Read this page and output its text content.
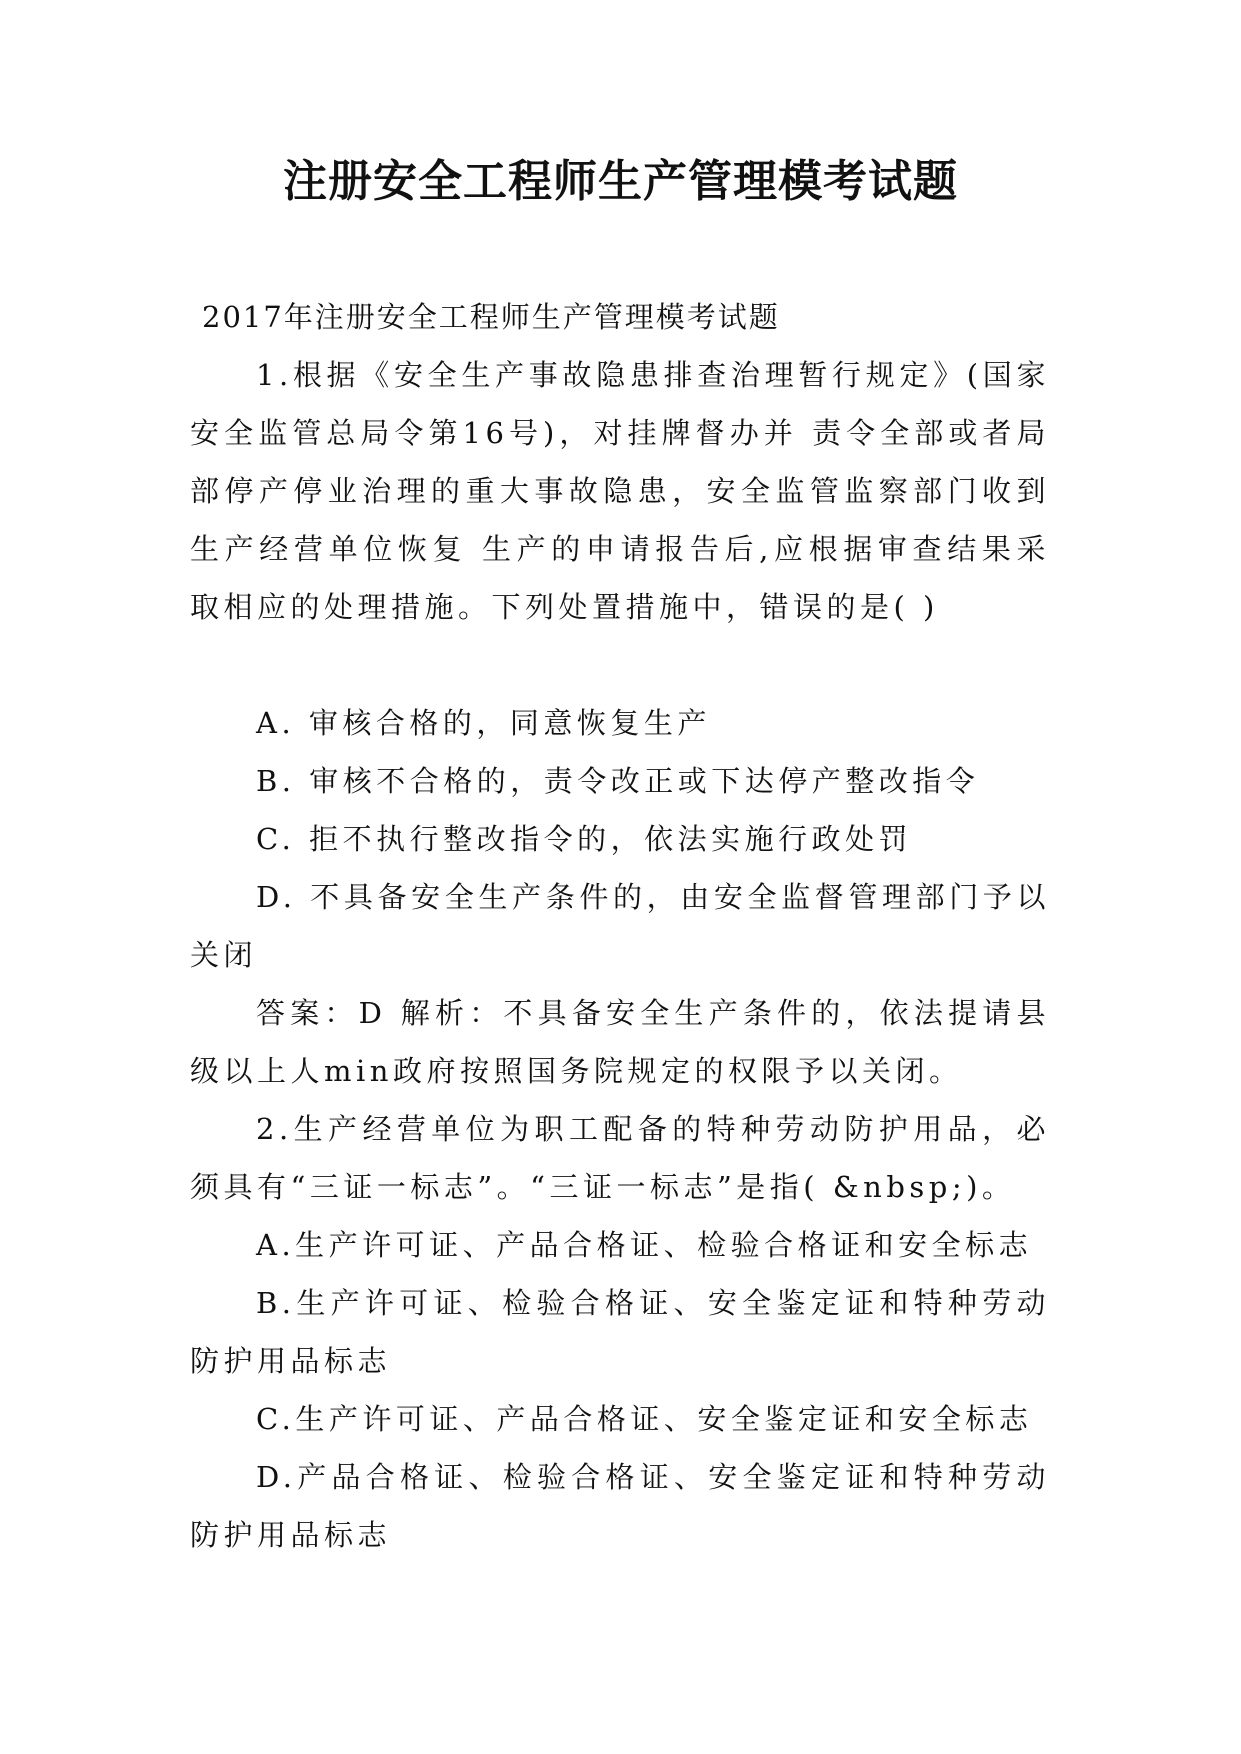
注册安全工程师生产管理模考试题
2017年注册安全工程师生产管理模考试题

1.根据《安全生产事故隐患排查治理暂行规定》(国家安全监管总局令第16号)，对挂牌督办并 责令全部或者局部停产停业治理的重大事故隐患，安全监管监察部门收到生产经营单位恢复 生产的申请报告后,应根据审查结果采取相应的处理措施。下列处置措施中，错误的是( )

A. 审核合格的，同意恢复生产

B. 审核不合格的，责令改正或下达停产整改指令

C. 拒不执行整改指令的，依法实施行政处罚

D. 不具备安全生产条件的，由安全监督管理部门予以关闭

答案：D 解析：不具备安全生产条件的，依法提请县级以上人min政府按照国务院规定的权限予以关闭。

2.生产经营单位为职工配备的特种劳动防护用品，必须具有“三证一标志”。“三证一标志”是指( &nbsp;)。

A.生产许可证、产品合格证、检验合格证和安全标志

B.生产许可证、检验合格证、安全鉴定证和特种劳动防护用品标志

C.生产许可证、产品合格证、安全鉴定证和安全标志

D.产品合格证、检验合格证、安全鉴定证和特种劳动防护用品标志
